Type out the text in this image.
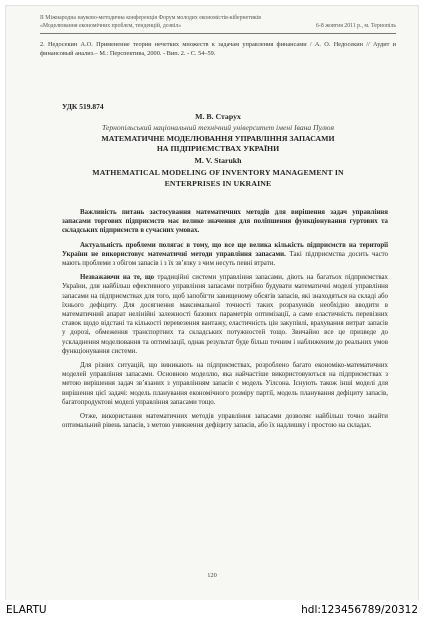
II Міжнародна науково-методична конференція Форум молодих економістів-кібернетиків
«Моделювання економічних проблем, тенденцій, дозвіл»	6-8 жовтня 2011 р., м. Тернопіль
2. Недосекин А.О. Применение теории нечетких множеств к задачам управления финансами / А. О. Недосекин // Аудит и финансовый анализ.– М.: Перспектива, 2000. - Вип. 2. - С. 54–59.
УДК 519.874
М. В. Старух
Тернопільський національний технічний університет імені Івана Пулюя
МАТЕМАТИЧНЕ МОДЕЛЮВАННЯ УПРАВЛІННЯ ЗАПАСАМИ
НА ПІДПРИЄМСТВАХ УКРАЇНИ
M. V. Starukh
MATHEMATICAL MODELING OF INVENTORY MANAGEMENT IN
ENTERPRISES IN UKRAINE

Важливість питань застосування математичних методів для вирішення задач управління запасами торгових підприємств має велике значення для поліпшення функціонування гуртових та складських підприємств в сучасних умовах.

Актуальність проблеми полягає в тому, що все ще велика кількість підприємств на території України не використовує математичні методи управління запасами. Такі підприємства досить часто мають проблеми з обігом запасів і з їх зв’язку з чим несуть певні втрати.

Незважаючи на те, що традиційні системи управління запасами, діють на багатьох підприємствах України, для найбільш ефективного управління запасами потрібно будувати математичні моделі управління запасами на підприємствах для того, щоб запобігти завищеному обсягів запасів, які знаходяться на складі або їхнього дефіциту. Для досягнення максимальної точності таких розрахунків необхідно вводити в математичний апарат нелінійні залежності базових параметрів оптимізації, а саме еластичність перевізних ставок щодо відстані та кількості перевезення вантажу, еластичність цін закупівлі, врахування витрат запасів у дорозі, обмеження транспортних та складських потужностей тощо. Звичайно все це призведе до ускладнення моделювання та оптимізації, однак результат буде більш точним і наближеним до реальних умов функціонування системи.

Для різних ситуацій, що виникають на підприємствах, розроблено багато економіко-математичних моделей управління запасами. Основною моделлю, яка найчастіше використовуються на підприємствах з метою вирішення задач зв’язаних з управлінням запасів є модель Уілсона. Існують також інші моделі для вирішення цієї задачі: модель планування економічного розміру партії, модель планування дефіциту запасів, багатопродуктові моделі управління запасами тощо.

Отже, використання математичних методів управління запасами дозволяє найбільш точно знайти оптимальний рівень запасів, з метою уникнення дефіциту запасів, або їх надлишку і простою на складах.

120
ELARTU	hdl:123456789/20312
